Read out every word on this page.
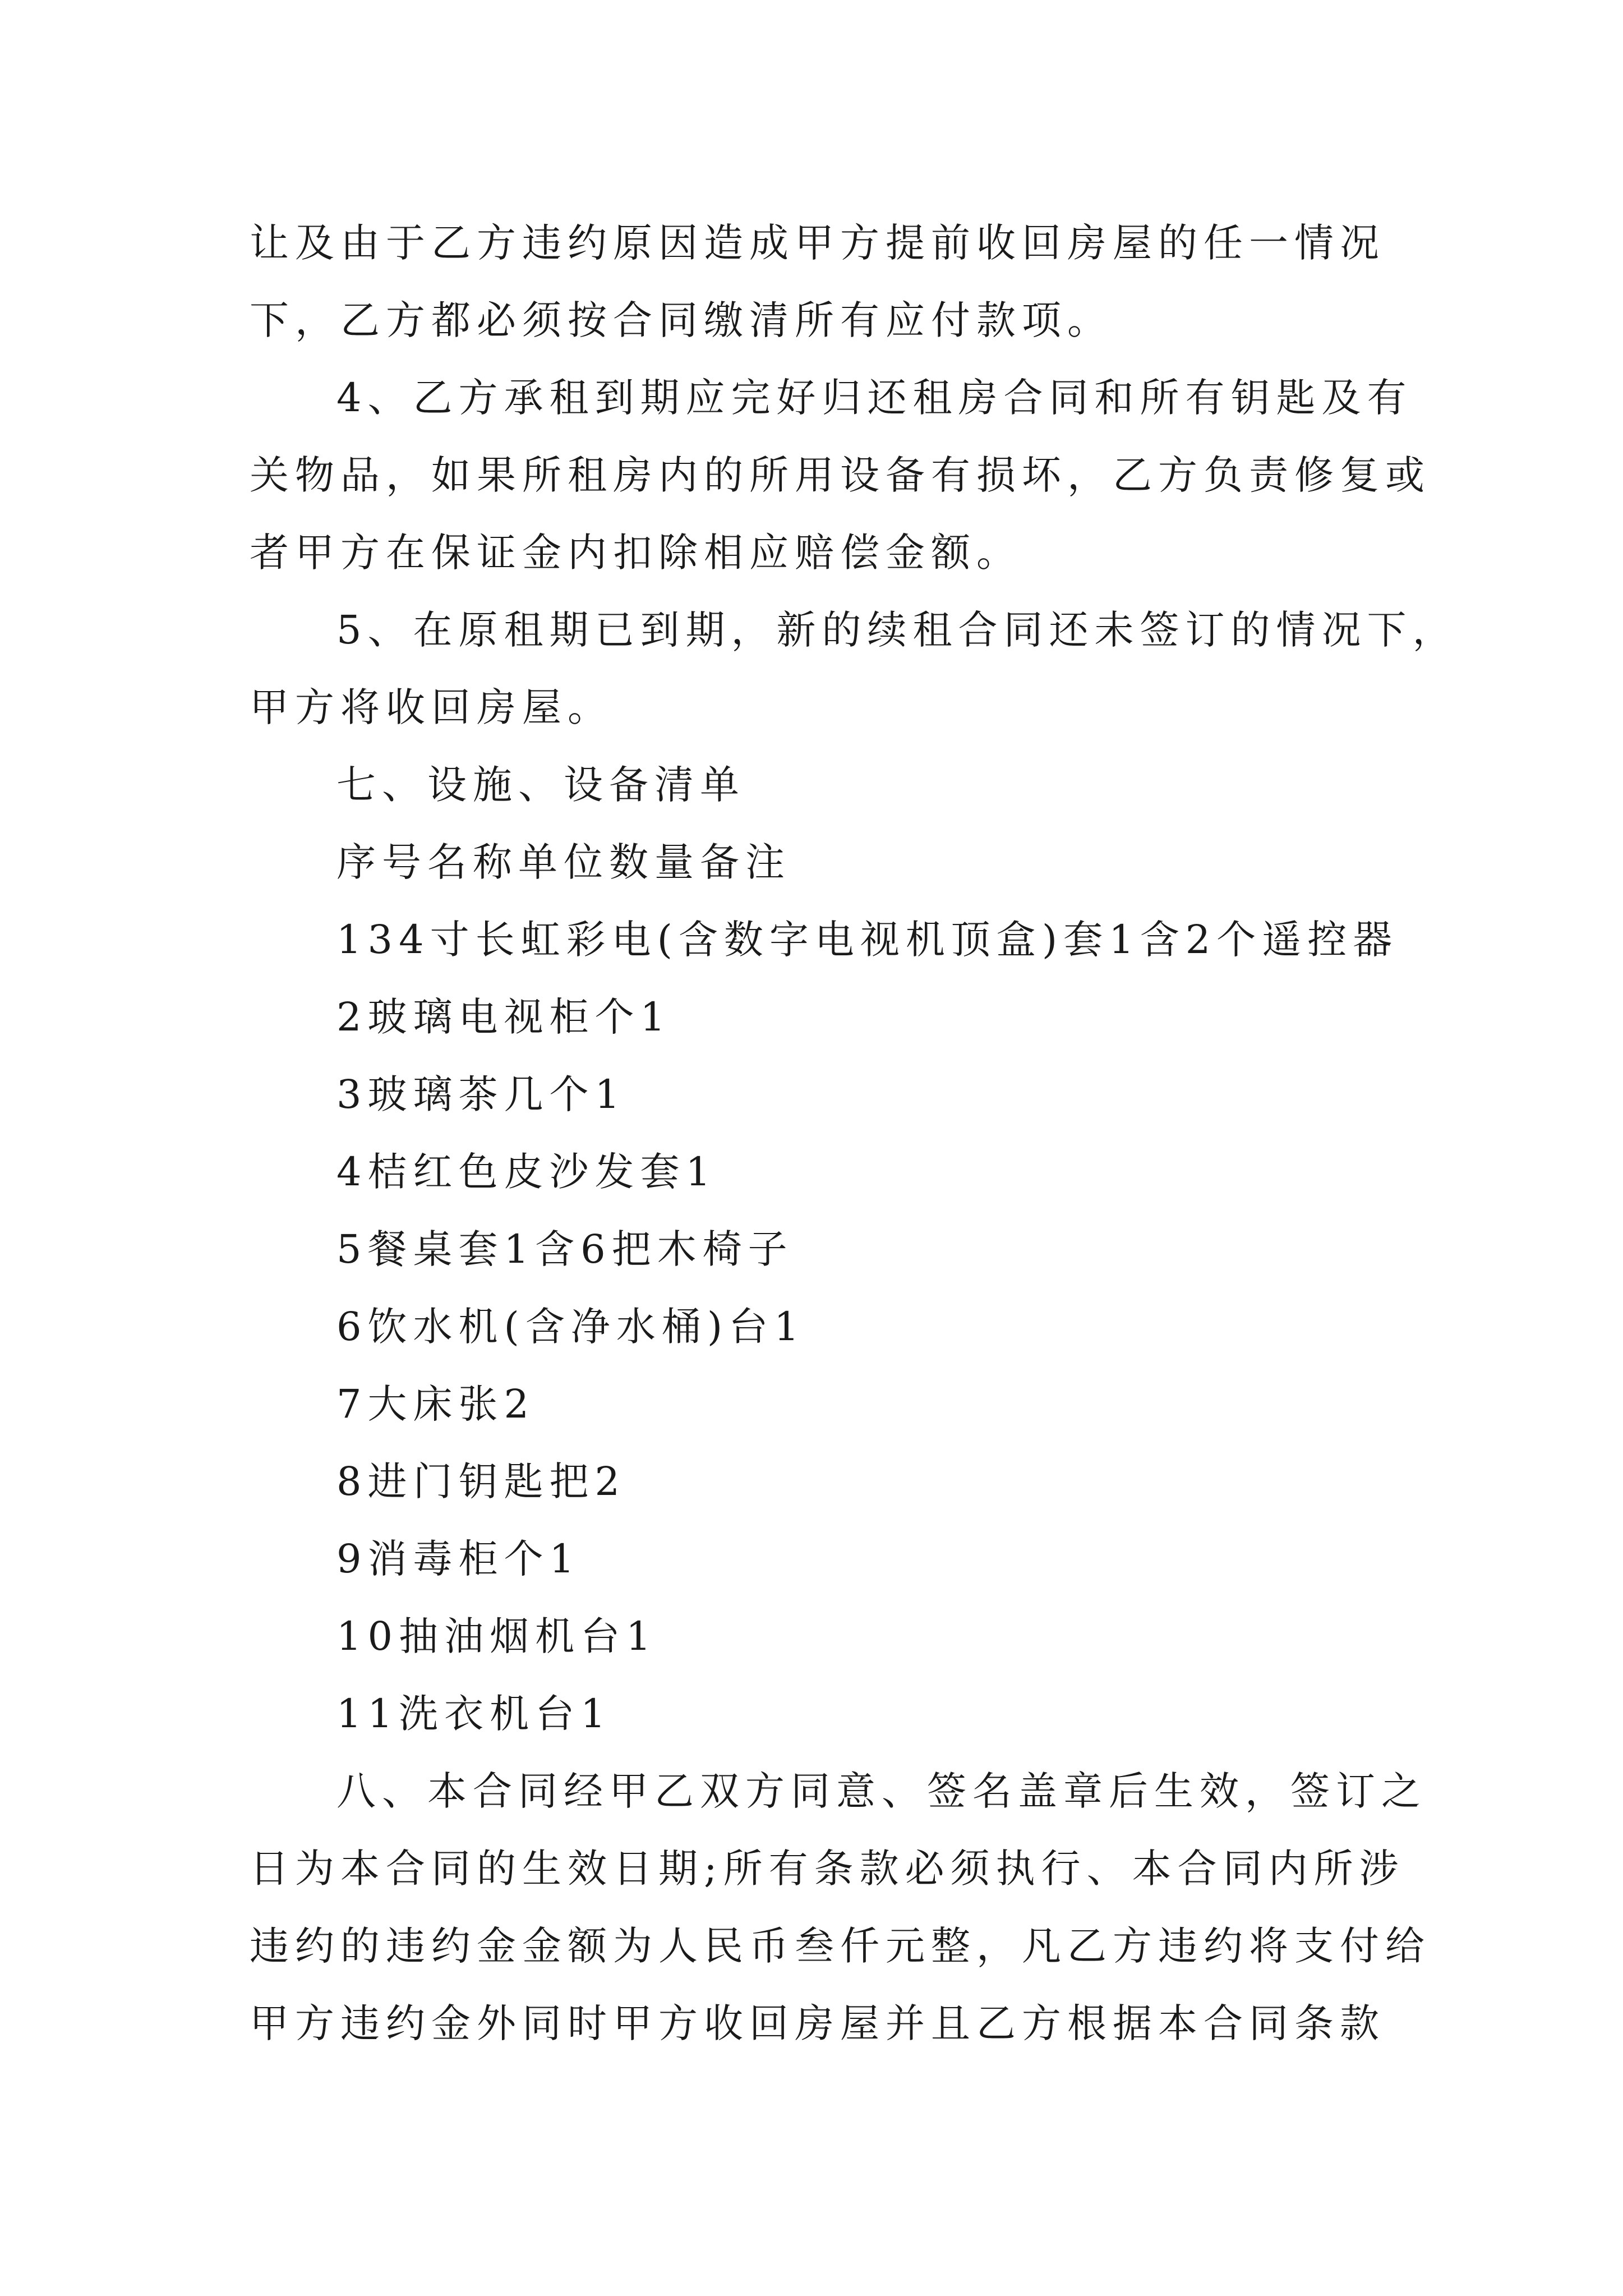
让及由于乙方违约原因造成甲方提前收回房屋的任一情况
下，乙方都必须按合同缴清所有应付款项。
4、乙方承租到期应完好归还租房合同和所有钥匙及有
关物品，如果所租房内的所用设备有损坏，乙方负责修复或
者甲方在保证金内扣除相应赔偿金额。
5、在原租期已到期，新的续租合同还未签订的情况下，
甲方将收回房屋。
七、设施、设备清单
序号名称单位数量备注
134寸长虹彩电(含数字电视机顶盒)套1含2个遥控器
2玻璃电视柜个1
3玻璃茶几个1
4桔红色皮沙发套1
5餐桌套1含6把木椅子
6饮水机(含净水桶)台1
7大床张2
8进门钥匙把2
9消毒柜个1
10抽油烟机台1
11洗衣机台1
八、本合同经甲乙双方同意、签名盖章后生效，签订之
日为本合同的生效日期;所有条款必须执行、本合同内所涉
违约的违约金金额为人民币叁仟元整，凡乙方违约将支付给
甲方违约金外同时甲方收回房屋并且乙方根据本合同条款
